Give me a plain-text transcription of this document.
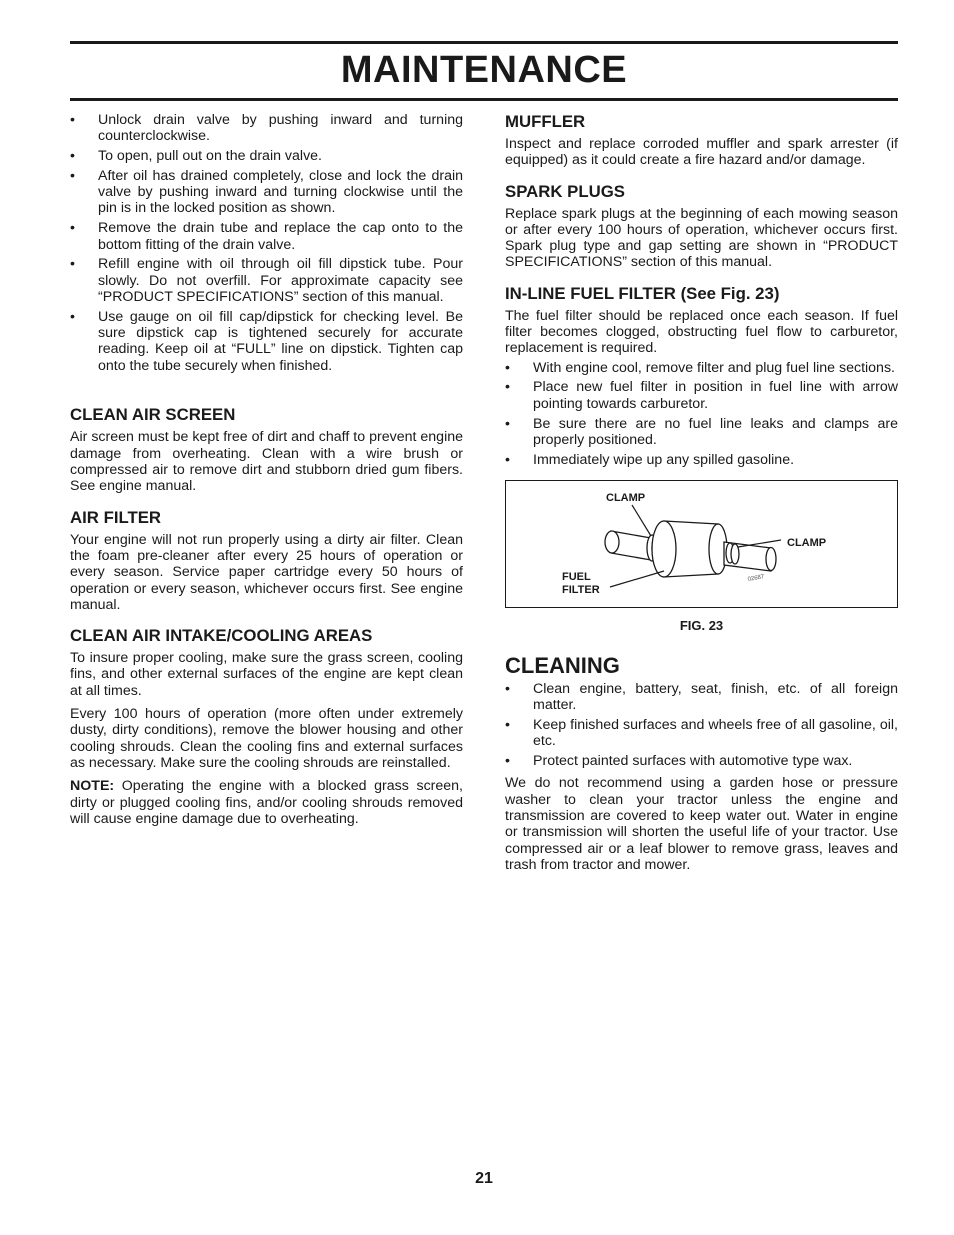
MAINTENANCE
• Unlock drain valve by pushing inward and turning counterclockwise.
• To open, pull out on the drain valve.
• After oil has drained completely, close and lock the drain valve by pushing inward and turning clockwise until the pin is in the locked position as shown.
• Remove the drain tube and replace the cap onto to the bottom fitting of the drain valve.
• Refill engine with oil through oil fill dipstick tube. Pour slowly. Do not overfill. For approximate capacity see “PRODUCT SPECIFICATIONS” section of this manual.
• Use gauge on oil fill cap/dipstick for checking level. Be sure dipstick cap is tightened securely for accurate reading. Keep oil at “FULL” line on dipstick. Tighten cap onto the tube securely when finished.
CLEAN AIR SCREEN

Air screen must be kept free of dirt and chaff to prevent engine damage from overheating. Clean with a wire brush or compressed air to remove dirt and stubborn dried gum fibers. See engine manual.

AIR FILTER

Your engine will not run properly using a dirty air filter. Clean the foam pre-cleaner after every 25 hours of operation or every season. Service paper cartridge every 50 hours of operation or every season, whichever occurs first. See engine manual.

CLEAN AIR INTAKE/COOLING AREAS

To insure proper cooling, make sure the grass screen, cooling fins, and other external surfaces of the engine are kept clean at all times.

Every 100 hours of operation (more often under extremely dusty, dirty conditions), remove the blower housing and other cooling shrouds. Clean the cooling fins and external surfaces as necessary. Make sure the cooling shrouds are reinstalled.

NOTE: Operating the engine with a blocked grass screen, dirty or plugged cooling fins, and/or cooling shrouds removed will cause engine damage due to overheating.

MUFFLER

Inspect and replace corroded muffler and spark arrester (if equipped) as it could create a fire hazard and/or damage.

SPARK PLUGS

Replace spark plugs at the beginning of each mowing season or after every 100 hours of operation, whichever occurs first. Spark plug type and gap setting are shown in “PRODUCT SPECIFICATIONS” section of this manual.

IN-LINE FUEL FILTER (See Fig. 23)

The fuel filter should be replaced once each season. If fuel filter becomes clogged, obstructing fuel flow to carburetor, replacement is required.

• With engine cool, remove filter and plug fuel line sections.
• Place new fuel filter in position in fuel line with arrow pointing towards carburetor.
• Be sure there are no fuel line leaks and clamps are properly positioned.
• Immediately wipe up any spilled gasoline.
CLAMP
CLAMP
FUEL
FILTER
02687
FIG. 23
CLEANING
• Clean engine, battery, seat, finish, etc. of all foreign matter.
• Keep finished surfaces and wheels free of all gasoline, oil, etc.
• Protect painted surfaces with automotive type wax.

We do not recommend using a garden hose or pressure washer to clean your tractor unless the engine and transmission are covered to keep water out. Water in engine or transmission will shorten the useful life of your tractor. Use compressed air or a leaf blower to remove grass, leaves and trash from tractor and mower.

21
